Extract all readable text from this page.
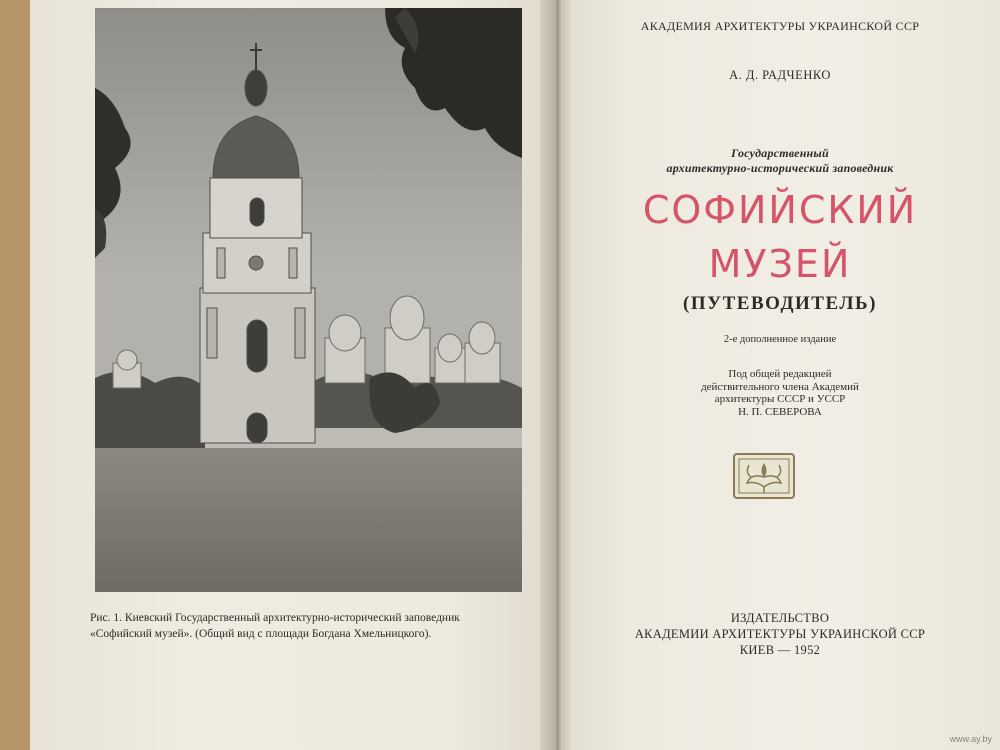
Рис. 1. Киевский Государственный архитектурно-исторический заповедник
«Софийский музей». (Общий вид с площади Богдана Хмельницкого).
АКАДЕМИЯ АРХИТЕКТУРЫ УКРАИНСКОЙ ССР
А. Д. РАДЧЕНКО
Государственный
архитектурно-исторический заповедник
СОФИЙСКИЙ
МУЗЕЙ
(ПУТЕВОДИТЕЛЬ)
2-е дополненное издание
Под общей редакцией
действительного члена Академий
архитектуры СССР и УССР
Н. П. СЕВЕРОВА
ИЗДАТЕЛЬСТВО
АКАДЕМИИ АРХИТЕКТУРЫ УКРАИНСКОЙ ССР
КИЕВ — 1952
www.ay.by
